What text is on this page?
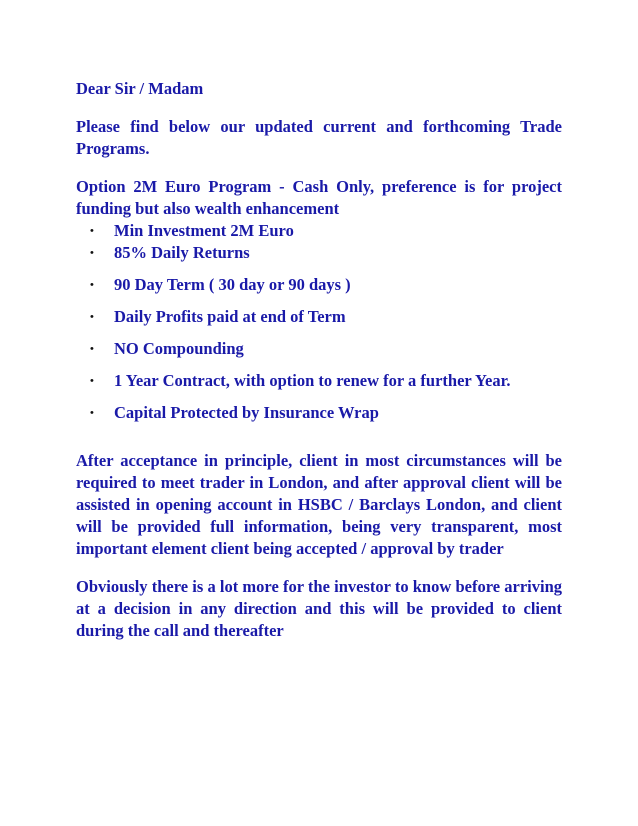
Dear Sir / Madam

Please find below our updated current and forthcoming Trade Programs.

Option 2M Euro Program - Cash Only, preference is for project funding but also wealth enhancement

• Min Investment 2M Euro
• 85% Daily Returns
• 90 Day Term ( 30 day or 90 days )
• Daily Profits paid at end of Term
• NO Compounding
• 1 Year Contract, with option to renew for a further Year.
• Capital Protected by Insurance Wrap

After acceptance in principle, client in most circumstances will be required to meet trader in London, and after approval client will be assisted in opening account in HSBC / Barclays London, and client will be provided full information, being very transparent, most important element client being accepted / approval by trader

Obviously there is a lot more for the investor to know before arriving at a decision in any direction and this will be provided to client during the call and thereafter
